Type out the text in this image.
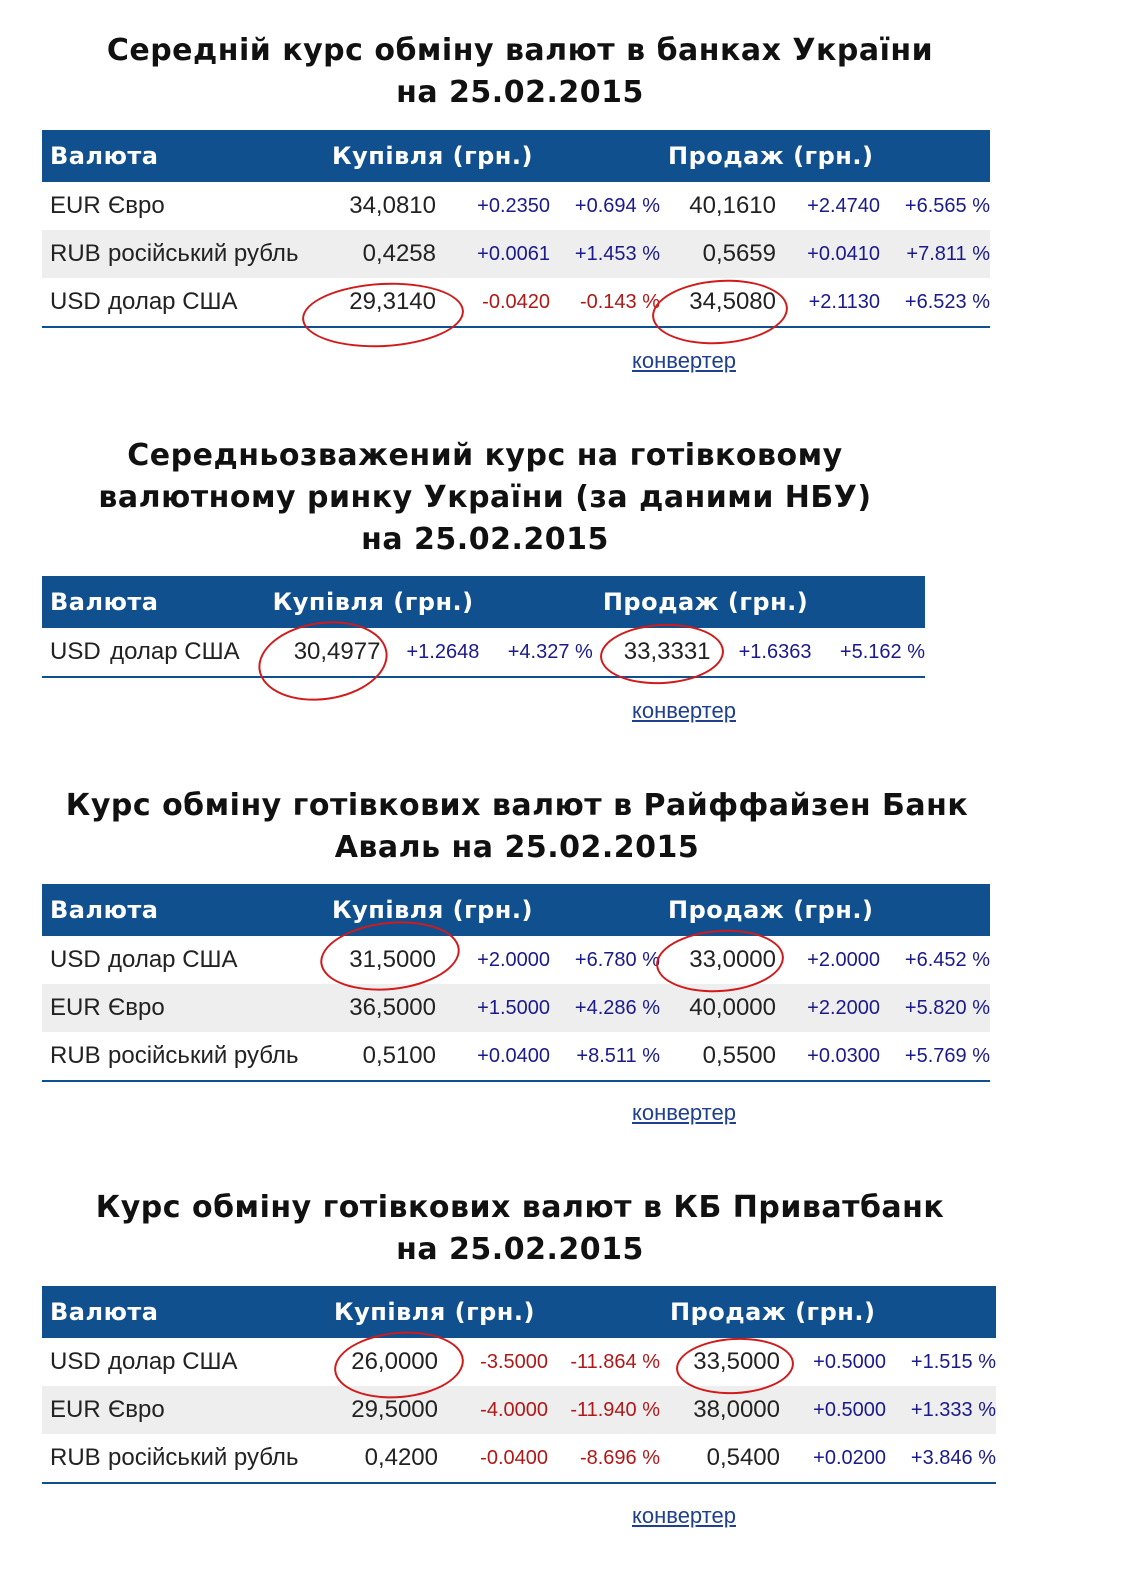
Середній курс обміну валют в банках України
на 25.02.2015
Валюта		Купівля (грн.)			Продаж (грн.)		
EUR	Євро	34,0810	+0.2350	+0.694 %	40,1610	+2.4740	+6.565 %
RUB	російський рубль	0,4258	+0.0061	+1.453 %	0,5659	+0.0410	+7.811 %
USD	долар США	29,3140	-0.0420	-0.143 %	34,5080	+2.1130	+6.523 %
конвертер
Середньозважений курс на готівковому
валютному ринку України (за даними НБУ)
на 25.02.2015
Валюта		Купівля (грн.)			Продаж (грн.)		
USD	долар США	30,4977	+1.2648	+4.327 %	33,3331	+1.6363	+5.162 %
конвертер
Курс обміну готівкових валют в Райффайзен Банк
Аваль на 25.02.2015
Валюта		Купівля (грн.)			Продаж (грн.)		
USD	долар США	31,5000	+2.0000	+6.780 %	33,0000	+2.0000	+6.452 %
EUR	Євро	36,5000	+1.5000	+4.286 %	40,0000	+2.2000	+5.820 %
RUB	російський рубль	0,5100	+0.0400	+8.511 %	0,5500	+0.0300	+5.769 %
конвертер
Курс обміну готівкових валют в КБ Приватбанк
на 25.02.2015
Валюта		Купівля (грн.)			Продаж (грн.)		
USD	долар США	26,0000	-3.5000	-11.864 %	33,5000	+0.5000	+1.515 %
EUR	Євро	29,5000	-4.0000	-11.940 %	38,0000	+0.5000	+1.333 %
RUB	російський рубль	0,4200	-0.0400	-8.696 %	0,5400	+0.0200	+3.846 %
конвертер
